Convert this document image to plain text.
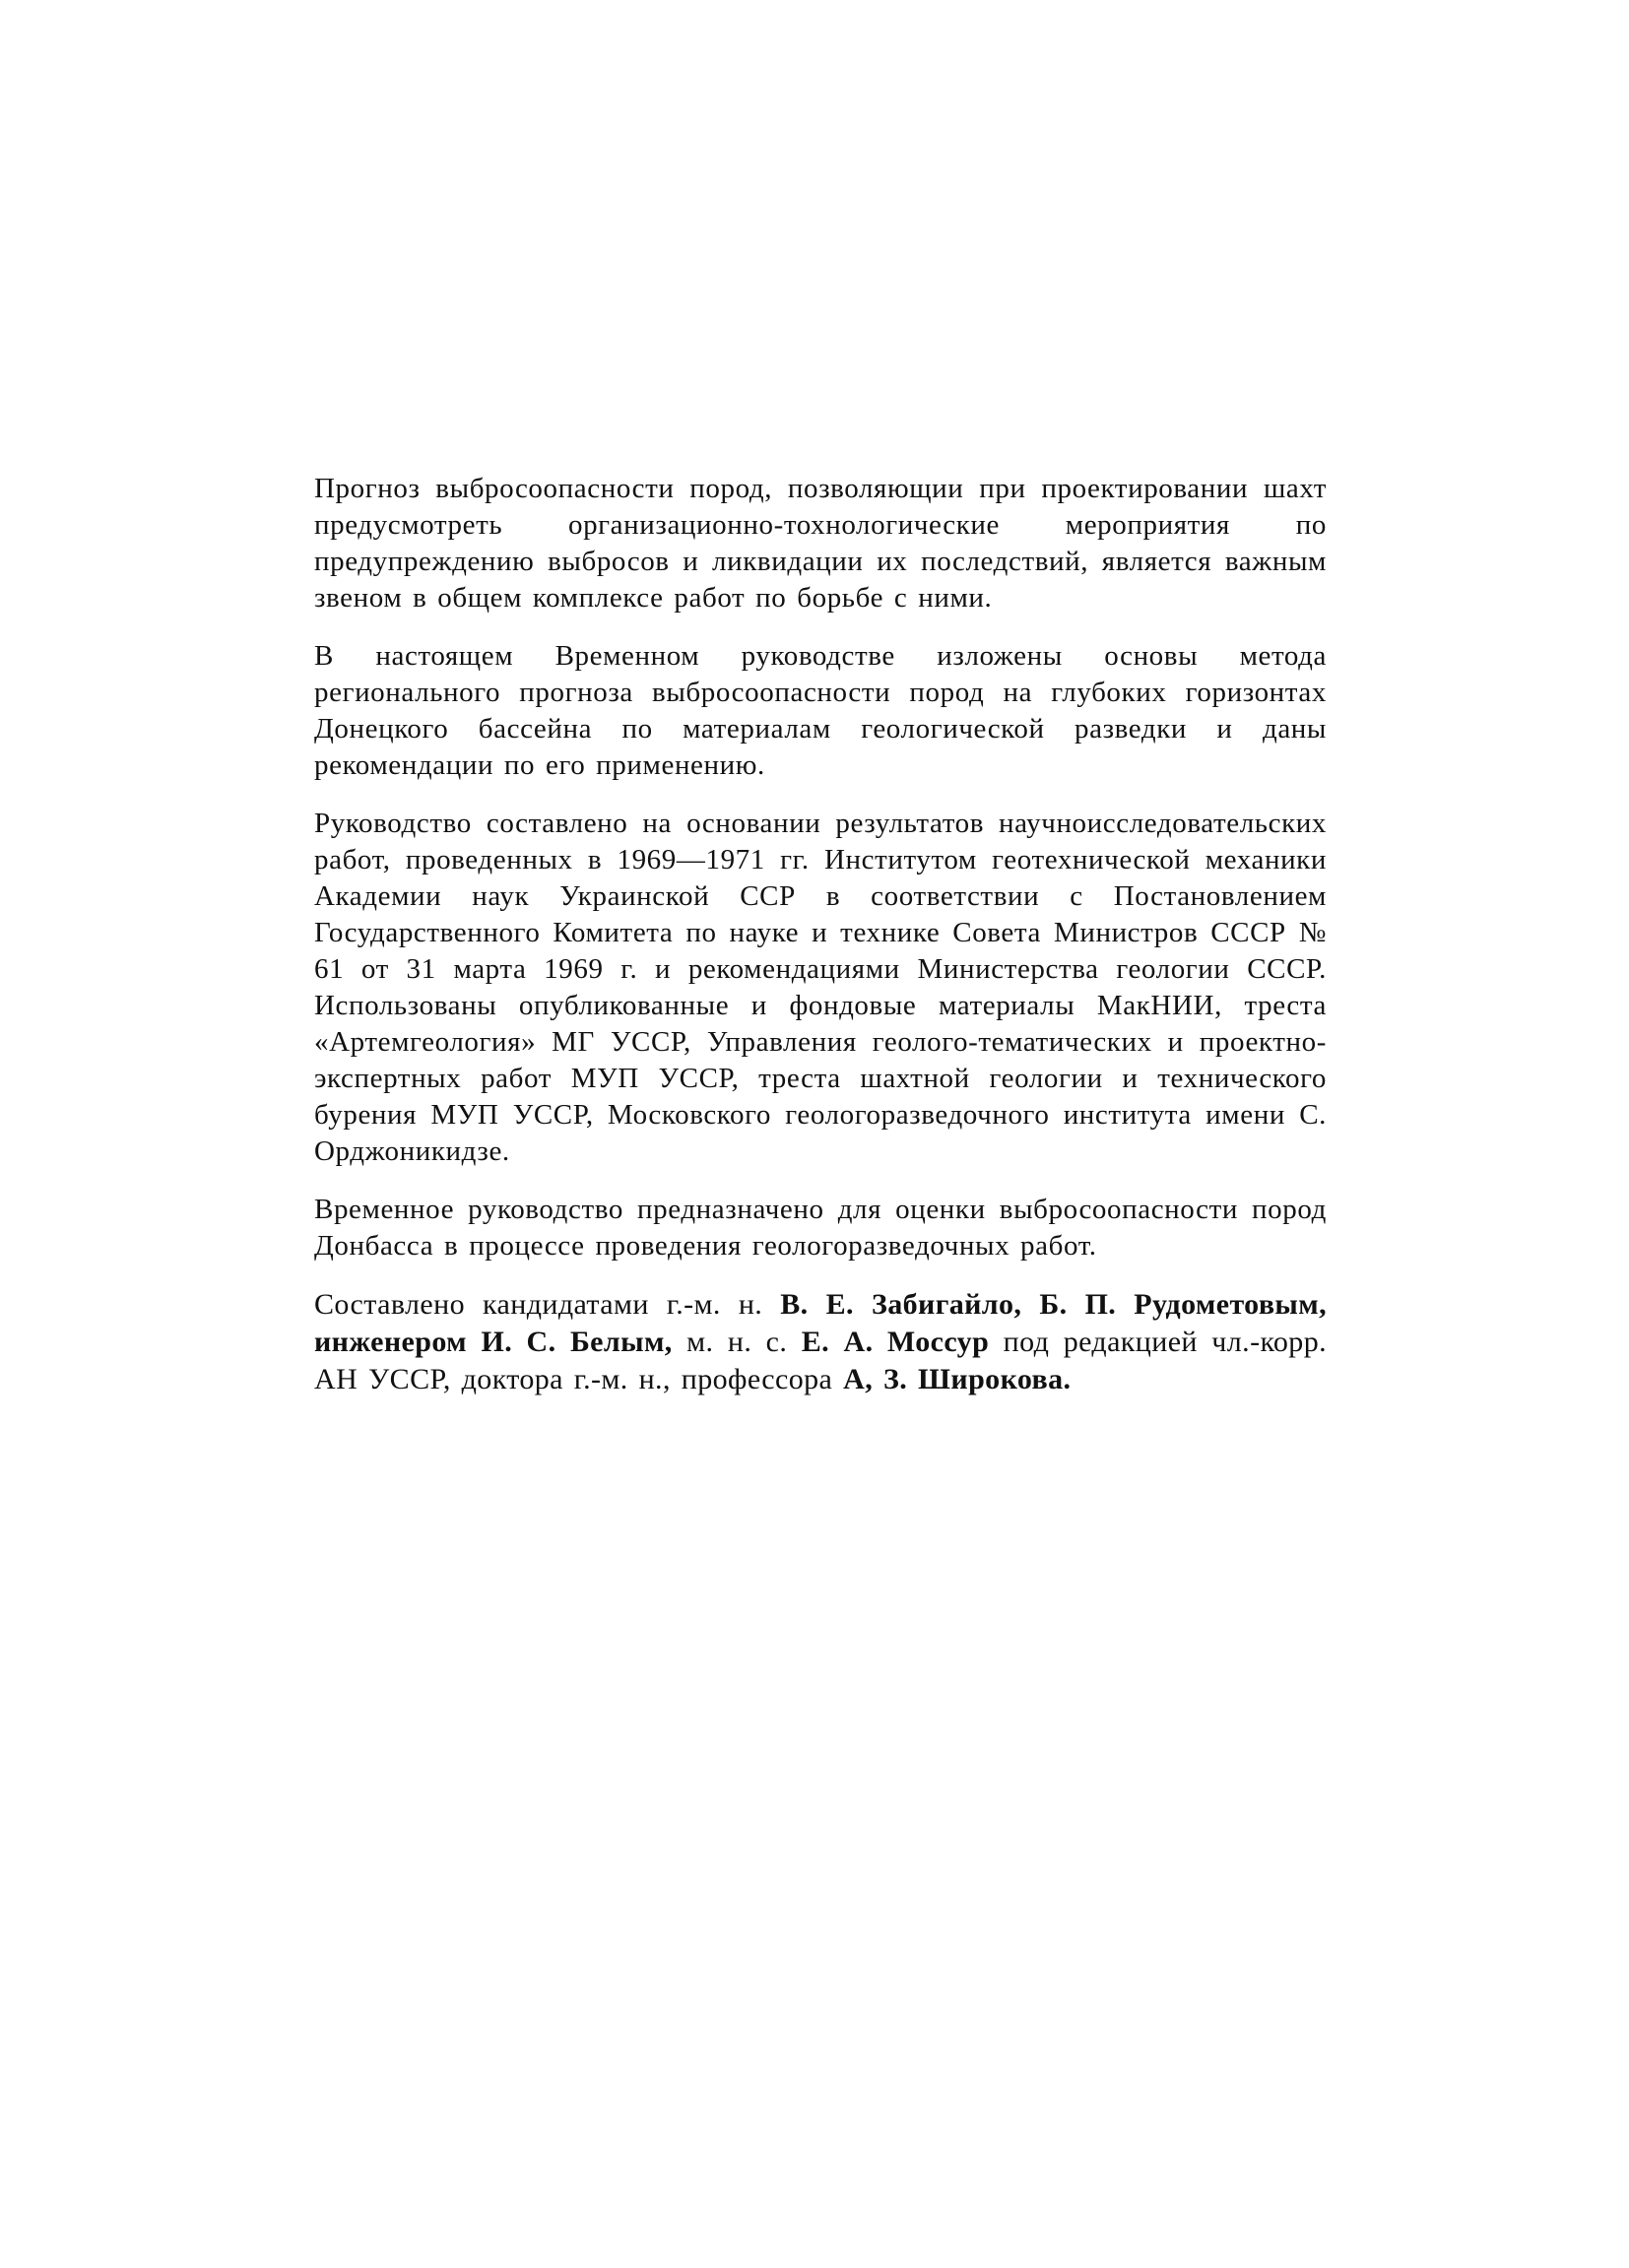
Прогноз выбросоопасности пород, позволяющии при проектировании шахт предусмотреть организационно-тохнологические мероприятия по предупреждению выбросов и ликвидации их последствий, является важным звеном в общем комплексе работ по борьбе с ними.

В настоящем Временном руководстве изложены основы метода регионального прогноза выбросоопасности пород на глубоких горизонтах Донецкого бассейна по материалам геологической разведки и даны рекомендации по его применению.

Руководство составлено на основании результатов научноисследовательских работ, проведенных в 1969—1971 гг. Институтом геотехнической механики Академии наук Украинской ССР в соответствии с Постановлением Государственного Комитета по науке и технике Совета Министров СССР № 61 от 31 марта 1969 г. и рекомендациями Министерства геологии СССР. Использованы опубликованные и фондовые материалы МакНИИ, треста «Артемгеология» МГ УССР, Управления геолого-тематических и проектно-экспертных работ МУП УССР, треста шахтной геологии и технического бурения МУП УССР, Московского геологоразведочного института имени С. Орджоникидзе.

Временное руководство предназначено для оценки выбросоопасности пород Донбасса в процессе проведения геологоразведочных работ.

Составлено кандидатами г.-м. н. В. Е. Забигайло, Б. П. Рудометовым, инженером И. С. Белым, м. н. с. Е. А. Моссур под редакцией чл.-корр. АН УССР, доктора г.-м. н., профессора А, З. Широкова.
